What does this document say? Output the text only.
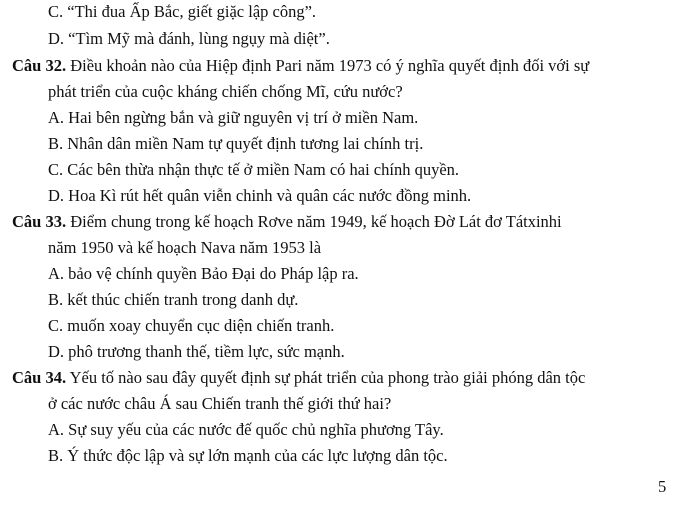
C. “Thi đua Ấp Bắc, giết giặc lập công”.
D. “Tìm Mỹ mà đánh, lùng ngụy mà diệt”.
Câu 32. Điều khoản nào của Hiệp định Pari năm 1973 có ý nghĩa quyết định đối với sự
phát triển của cuộc kháng chiến chống Mĩ, cứu nước?
A. Hai bên ngừng bắn và giữ nguyên vị trí ở miền Nam.
B. Nhân dân miền Nam tự quyết định tương lai chính trị.
C. Các bên thừa nhận thực tế ở miền Nam có hai chính quyền.
D. Hoa Kì rút hết quân viễn chinh và quân các nước đồng minh.
Câu 33. Điểm chung trong kế hoạch Rơve năm 1949, kế hoạch Đờ Lát đơ Tátxinhi
năm 1950 và kế hoạch Nava năm 1953 là
A. bảo vệ chính quyền Bảo Đại do Pháp lập ra.
B. kết thúc chiến tranh trong danh dự.
C. muốn xoay chuyển cục diện chiến tranh.
D. phô trương thanh thế, tiềm lực, sức mạnh.
Câu 34. Yếu tố nào sau đây quyết định sự phát triển của phong trào giải phóng dân tộc
ở các nước châu Á sau Chiến tranh thế giới thứ hai?
A. Sự suy yếu của các nước đế quốc chủ nghĩa phương Tây.
B. Ý thức độc lập và sự lớn mạnh của các lực lượng dân tộc.
5
